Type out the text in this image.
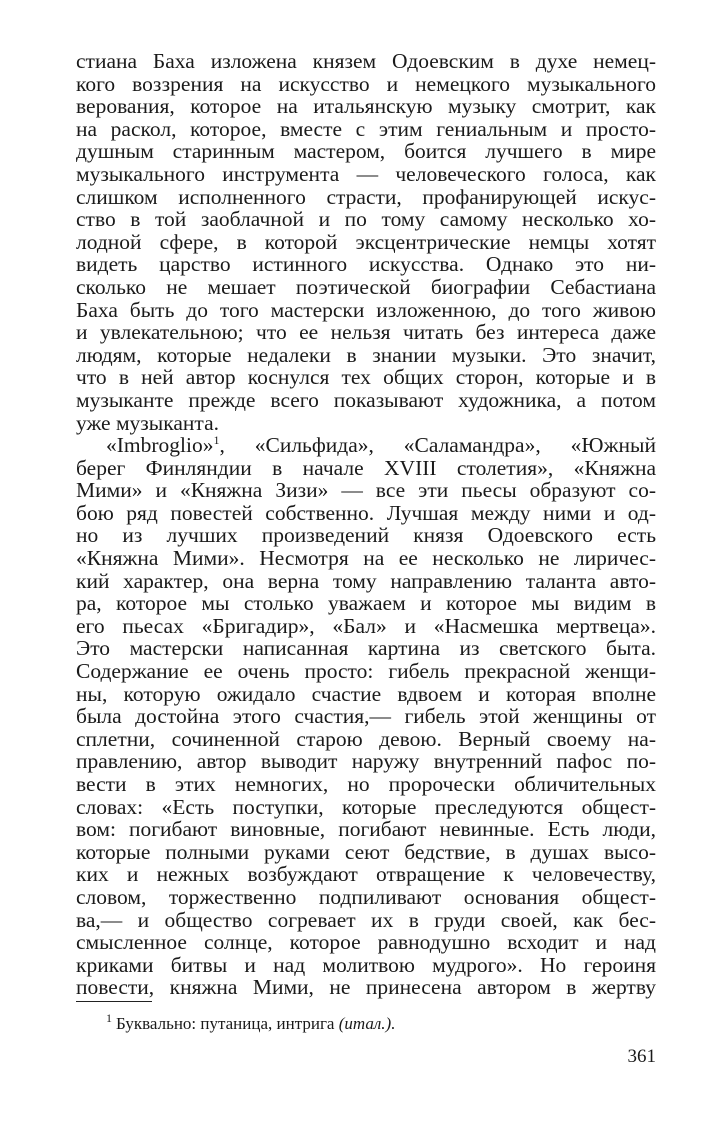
стиана Баха изложена князем Одоевским в духе немец-
кого воззрения на искусство и немецкого музыкального
верования, которое на итальянскую музыку смотрит, как
на раскол, которое, вместе с этим гениальным и просто-
душным старинным мастером, боится лучшего в мире
музыкального инструмента — человеческого голоса, как
слишком исполненного страсти, профанирующей искус-
ство в той заоблачной и по тому самому несколько хо-
лодной сфере, в которой эксцентрические немцы хотят
видеть царство истинного искусства. Однако это ни-
сколько не мешает поэтической биографии Себастиана
Баха быть до того мастерски изложенною, до того живою
и увлекательною; что ее нельзя читать без интереса даже
людям, которые недалеки в знании музыки. Это значит,
что в ней автор коснулся тех общих сторон, которые и в
музыканте прежде всего показывают художника, а потом
уже музыканта.
«Imbroglio»$^1$, «Сильфида», «Саламандра», «Южный
берег Финляндии в начале XVIII столетия», «Княжна
Мими» и «Княжна Зизи» — все эти пьесы образуют со-
бою ряд повестей собственно. Лучшая между ними и од-
но из лучших произведений князя Одоевского есть
«Княжна Мими». Несмотря на ее несколько не лиричес-
кий характер, она верна тому направлению таланта авто-
ра, которое мы столько уважаем и которое мы видим в
его пьесах «Бригадир», «Бал» и «Насмешка мертвеца».
Это мастерски написанная картина из светского быта.
Содержание ее очень просто: гибель прекрасной женщи-
ны, которую ожидало счастие вдвоем и которая вполне
была достойна этого счастия,— гибель этой женщины от
сплетни, сочиненной старою девою. Верный своему на-
правлению, автор выводит наружу внутренний пафос по-
вести в этих немногих, но пророчески обличительных
словах: «Есть поступки, которые преследуются общест-
вом: погибают виновные, погибают невинные. Есть люди,
которые полными руками сеют бедствие, в душах высо-
ких и нежных возбуждают отвращение к человечеству,
словом, торжественно подпиливают основания общест-
ва,— и общество согревает их в груди своей, как бес-
смысленное солнце, которое равнодушно всходит и над
криками битвы и над молитвою мудрого». Но героиня
повести, княжна Мими, не принесена автором в жертву
$^1$ Буквально: путаница, интрига (итал.).
361
